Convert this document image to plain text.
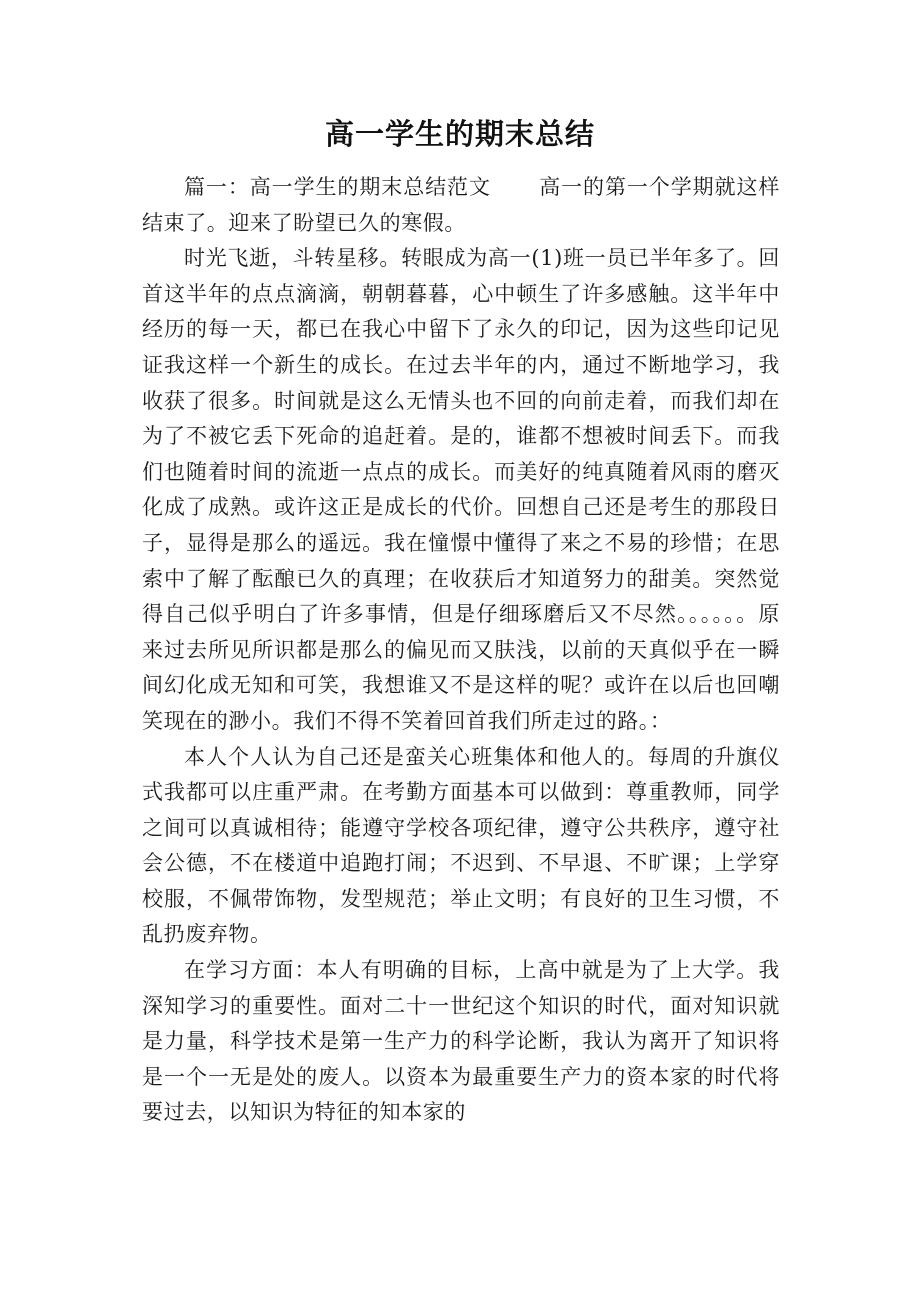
高一学生的期末总结

篇一：高一学生的期末总结范文 高一的第一个学期就这样结束了。迎来了盼望已久的寒假。

时光飞逝，斗转星移。转眼成为高一(1)班一员已半年多了。回首这半年的点点滴滴，朝朝暮暮，心中顿生了许多感触。这半年中经历的每一天，都已在我心中留下了永久的印记，因为这些印记见证我这样一个新生的成长。在过去半年的内，通过不断地学习，我收获了很多。时间就是这么无情头也不回的向前走着，而我们却在为了不被它丢下死命的追赶着。是的，谁都不想被时间丢下。而我们也随着时间的流逝一点点的成长。而美好的纯真随着风雨的磨灭化成了成熟。或许这正是成长的代价。回想自己还是考生的那段日子，显得是那么的遥远。我在憧憬中懂得了来之不易的珍惜；在思索中了解了酝酿已久的真理；在收获后才知道努力的甜美。突然觉得自己似乎明白了许多事情，但是仔细琢磨后又不尽然。。。。。。原来过去所见所识都是那么的偏见而又肤浅，以前的天真似乎在一瞬间幻化成无知和可笑，我想谁又不是这样的呢？或许在以后也回嘲笑现在的渺小。我们不得不笑着回首我们所走过的路。：

本人个人认为自己还是蛮关心班集体和他人的。每周的升旗仪式我都可以庄重严肃。在考勤方面基本可以做到：尊重教师，同学之间可以真诚相待；能遵守学校各项纪律，遵守公共秩序，遵守社会公德，不在楼道中追跑打闹；不迟到、不早退、不旷课；上学穿校服，不佩带饰物，发型规范；举止文明；有良好的卫生习惯，不乱扔废弃物。

在学习方面：本人有明确的目标，上高中就是为了上大学。我深知学习的重要性。面对二十一世纪这个知识的时代，面对知识就是力量，科学技术是第一生产力的科学论断，我认为离开了知识将是一个一无是处的废人。以资本为最重要生产力的资本家的时代将要过去，以知识为特征的知本家的
